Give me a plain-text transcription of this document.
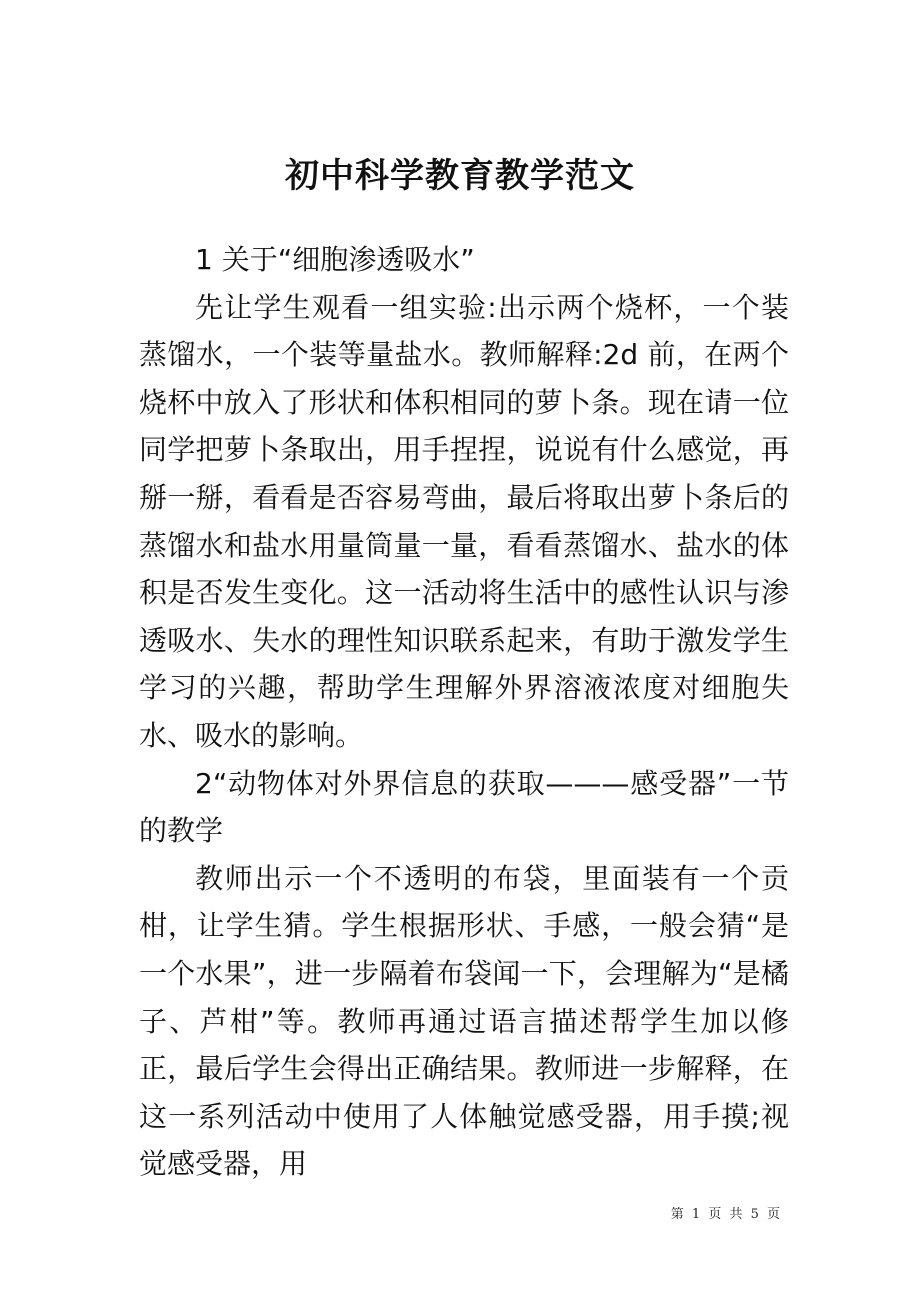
初中科学教育教学范文

1 关于“细胞渗透吸水”

先让学生观看一组实验:出示两个烧杯，一个装蒸馏水，一个装等量盐水。教师解释:2d 前，在两个烧杯中放入了形状和体积相同的萝卜条。现在请一位同学把萝卜条取出，用手捏捏，说说有什么感觉，再掰一掰，看看是否容易弯曲，最后将取出萝卜条后的蒸馏水和盐水用量筒量一量，看看蒸馏水、盐水的体积是否发生变化。这一活动将生活中的感性认识与渗透吸水、失水的理性知识联系起来，有助于激发学生学习的兴趣，帮助学生理解外界溶液浓度对细胞失水、吸水的影响。

2“动物体对外界信息的获取———感受器”一节的教学

教师出示一个不透明的布袋，里面装有一个贡柑，让学生猜。学生根据形状、手感，一般会猜“是一个水果”，进一步隔着布袋闻一下，会理解为“是橘子、芦柑”等。教师再通过语言描述帮学生加以修正，最后学生会得出正确结果。教师进一步解释，在这一系列活动中使用了人体触觉感受器，用手摸;视觉感受器，用

第 1 页 共 5 页
